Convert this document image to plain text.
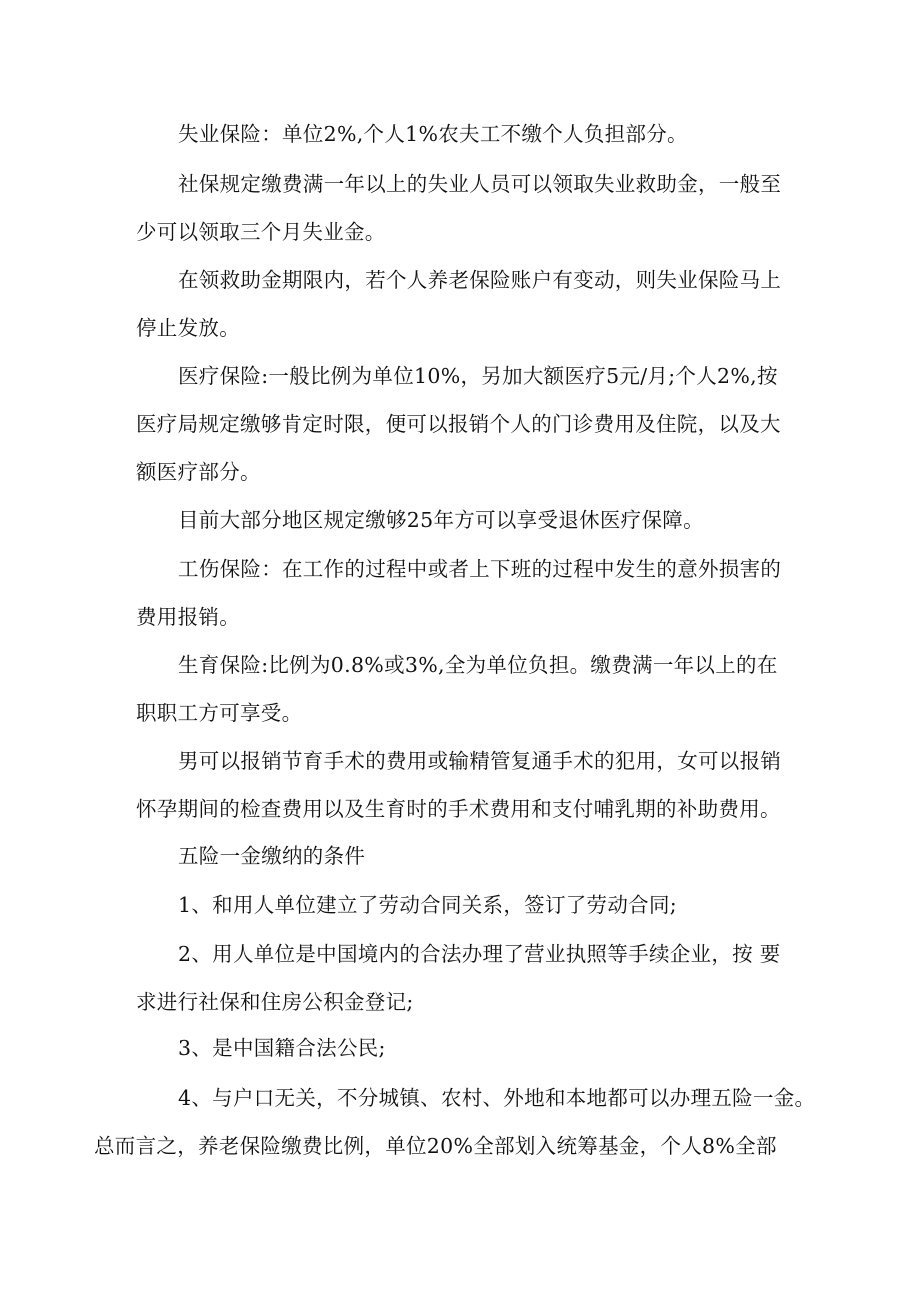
失业保险：单位2%,个人1%农夫工不缴个人负担部分。

社保规定缴费满一年以上的失业人员可以领取失业救助金，一般至少可以领取三个月失业金。

在领救助金期限内，若个人养老保险账户有变动，则失业保险马上停止发放。

医疗保险:一般比例为单位10%，另加大额医疗5元/月;个人2%,按医疗局规定缴够肯定时限，便可以报销个人的门诊费用及住院，以及大额医疗部分。

目前大部分地区规定缴够25年方可以享受退休医疗保障。

工伤保险：在工作的过程中或者上下班的过程中发生的意外损害的费用报销。

生育保险:比例为0.8%或3%,全为单位负担。缴费满一年以上的在职职工方可享受。

男可以报销节育手术的费用或输精管复通手术的犯用，女可以报销怀孕期间的检查费用以及生育时的手术费用和支付哺乳期的补助费用。

五险一金缴纳的条件

1、和用人单位建立了劳动合同关系，签订了劳动合同;

2、用人单位是中国境内的合法办理了营业执照等手续企业，按 要求进行社保和住房公积金登记;

3、是中国籍合法公民;

4、与户口无关，不分城镇、农村、外地和本地都可以办理五险一金。
总而言之，养老保险缴费比例，单位20%全部划入统筹基金，个人8%全部
